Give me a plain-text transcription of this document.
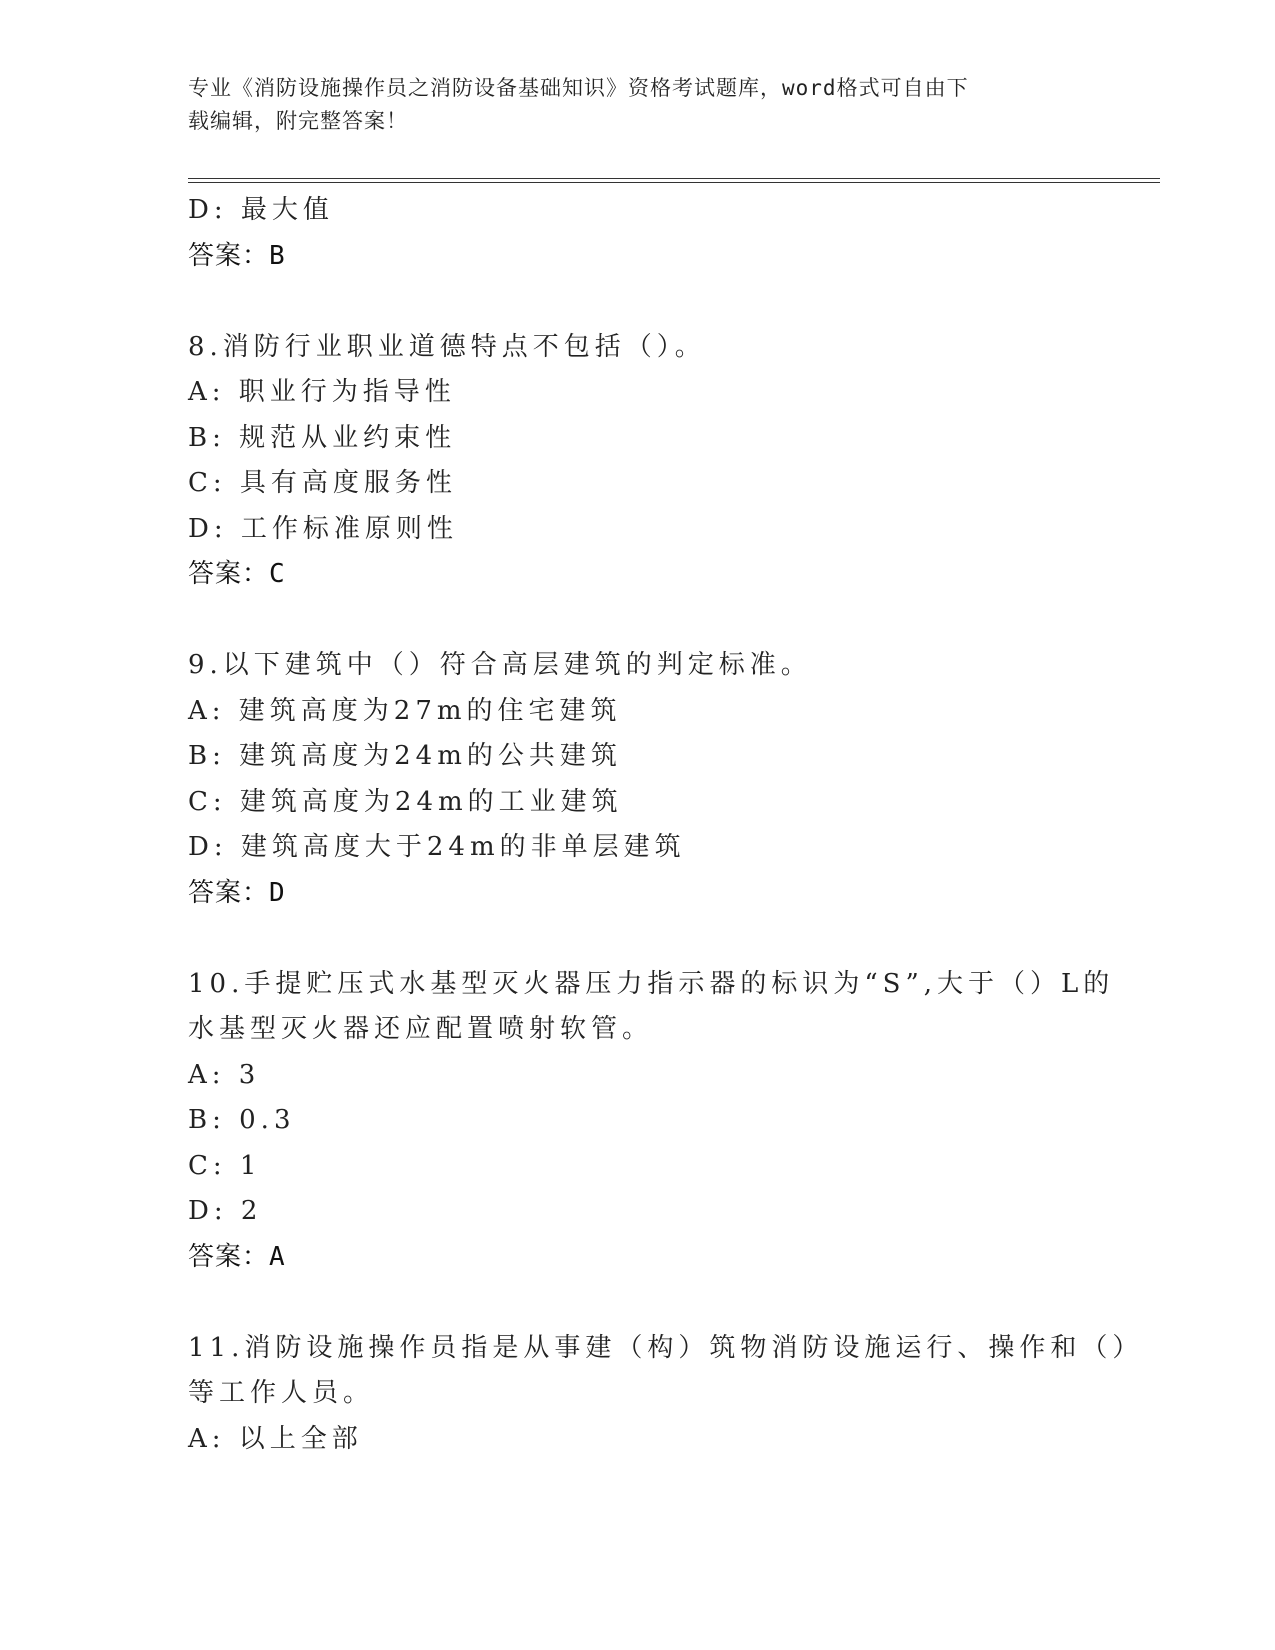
专业《消防设施操作员之消防设备基础知识》资格考试题库，word格式可自由下
载编辑，附完整答案！
D: 最大值
答案：B
8.消防行业职业道德特点不包括（）。
A: 职业行为指导性
B: 规范从业约束性
C: 具有高度服务性
D: 工作标准原则性
答案：C
9.以下建筑中（）符合高层建筑的判定标准。
A: 建筑高度为27m的住宅建筑
B: 建筑高度为24m的公共建筑
C: 建筑高度为24m的工业建筑
D: 建筑高度大于24m的非单层建筑
答案：D
10.手提贮压式水基型灭火器压力指示器的标识为“S”,大于（）L的
水基型灭火器还应配置喷射软管。
A: 3
B: 0.3
C: 1
D: 2
答案：A
11.消防设施操作员指是从事建（构）筑物消防设施运行、操作和（）
等工作人员。
A: 以上全部
